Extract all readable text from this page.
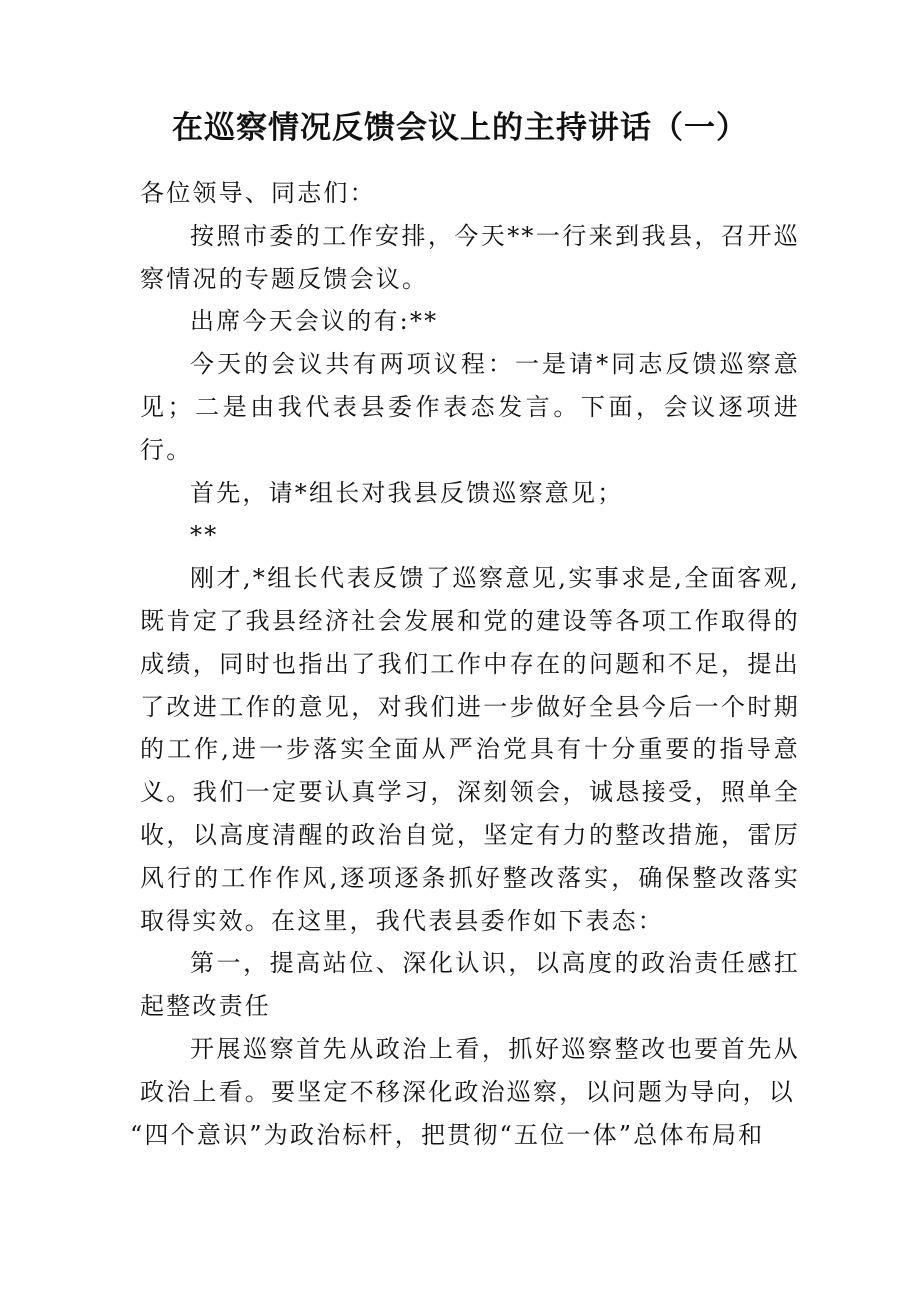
在巡察情况反馈会议上的主持讲话（一）

各位领导、同志们：

按照市委的工作安排，今天**一行来到我县，召开巡察情况的专题反馈会议。

出席今天会议的有:**

今天的会议共有两项议程：一是请*同志反馈巡察意见；二是由我代表县委作表态发言。下面，会议逐项进行。

首先，请*组长对我县反馈巡察意见；

**

刚才,*组长代表反馈了巡察意见,实事求是,全面客观,既肯定了我县经济社会发展和党的建设等各项工作取得的成绩，同时也指出了我们工作中存在的问题和不足，提出了改进工作的意见，对我们进一步做好全县今后一个时期的工作,进一步落实全面从严治党具有十分重要的指导意义。我们一定要认真学习，深刻领会，诚恳接受，照单全收，以高度清醒的政治自觉，坚定有力的整改措施，雷厉风行的工作作风,逐项逐条抓好整改落实，确保整改落实取得实效。在这里，我代表县委作如下表态：

第一，提高站位、深化认识，以高度的政治责任感扛起整改责任

开展巡察首先从政治上看，抓好巡察整改也要首先从政治上看。要坚定不移深化政治巡察，以问题为导向，以

“四个意识”为政治标杆，把贯彻“五位一体”总体布局和
